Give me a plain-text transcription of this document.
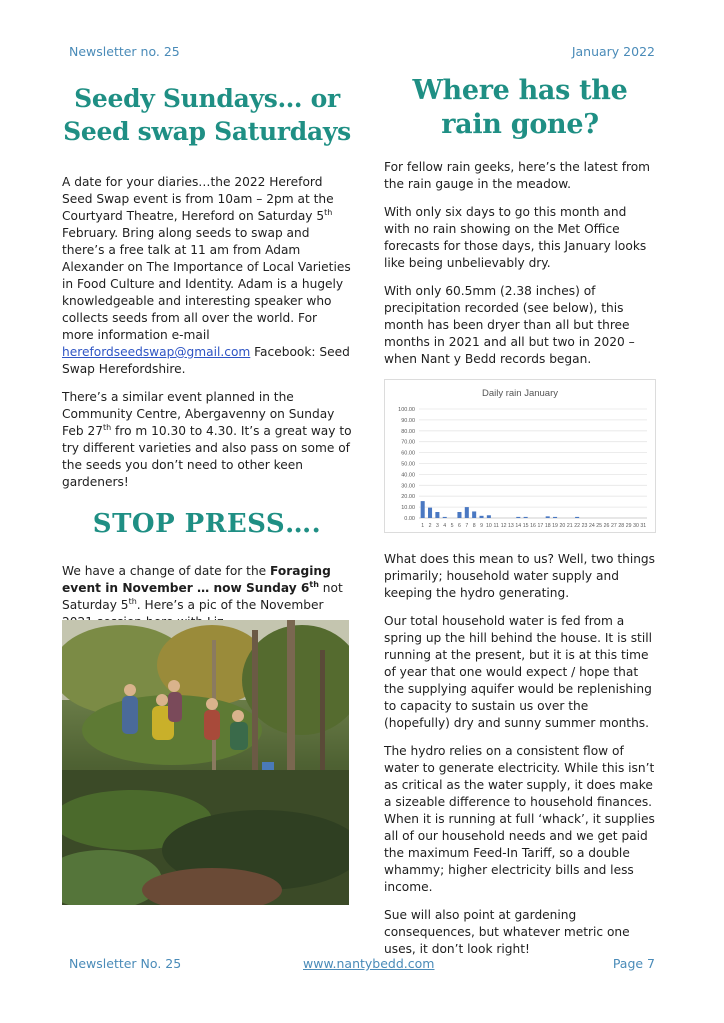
Newsletter no. 25	January 2022
Seedy Sundays… or Seed swap Saturdays

A date for your diaries…the 2022 Hereford Seed Swap event is from 10am – 2pm at the Courtyard Theatre, Hereford on Saturday 5th February. Bring along seeds to swap and there’s a free talk at 11 am from Adam Alexander on The Importance of Local Varieties in Food Culture and Identity. Adam is a hugely knowledgeable and interesting speaker who collects seeds from all over the world. For more information e-mail herefordseedswap@gmail.com Facebook: Seed Swap Herefordshire.

There’s a similar event planned in the Community Centre, Abergavenny on Sunday Feb 27th fro m 10.30 to 4.30. It’s a great way to try different varieties and also pass on some of the seeds you don’t need to other keen gardeners!

STOP PRESS….

We have a change of date for the Foraging event in November … now Sunday 6th not Saturday 5th. Here’s a pic of the November

Where has the rain gone?

For fellow rain geeks, here’s the latest from the rain gauge in the meadow.

With only six days to go this month and with no rain showing on the Met Office forecasts for those days, this January looks like being unbelievably dry.

With only 60.5mm (2.38 inches) of precipitation recorded (see below), this month has been dryer than all but three months in 2021 and all but two in 2020 – when Nant y Bedd records began.

Daily rain January
100.00
90.00
80.00
70.00
60.00
50.00
40.00
30.00
20.00
10.00
0.00
1 2 3 4 5 6 7 8 9 10 11 12 13 14 15 16 17 18 19 20 21 22 23 24 25 26 27 28 29 30 31

What does this mean to us? Well, two things primarily; household water supply and keeping the hydro generating.

Our total household water is fed from a spring up the hill behind the house. It is still running at the present, but it is at this time of year that one would expect / hope that the supplying aquifer would be replenishing to capacity to sustain us over the (hopefully) dry and sunny summer months.

The hydro relies on a consistent flow of water to generate electricity. While this isn’t as critical as the water supply, it does make a sizeable difference to household finances. When it is running at full ‘whack’, it supplies all of our household needs and we get paid the maximum Feed-In Tariff, so a double whammy; higher electricity bills and less income.

Sue will also point at gardening consequences, but whatever metric one uses, it don’t look right!

Newsletter No. 25	www.nantybedd.com	Page 7
